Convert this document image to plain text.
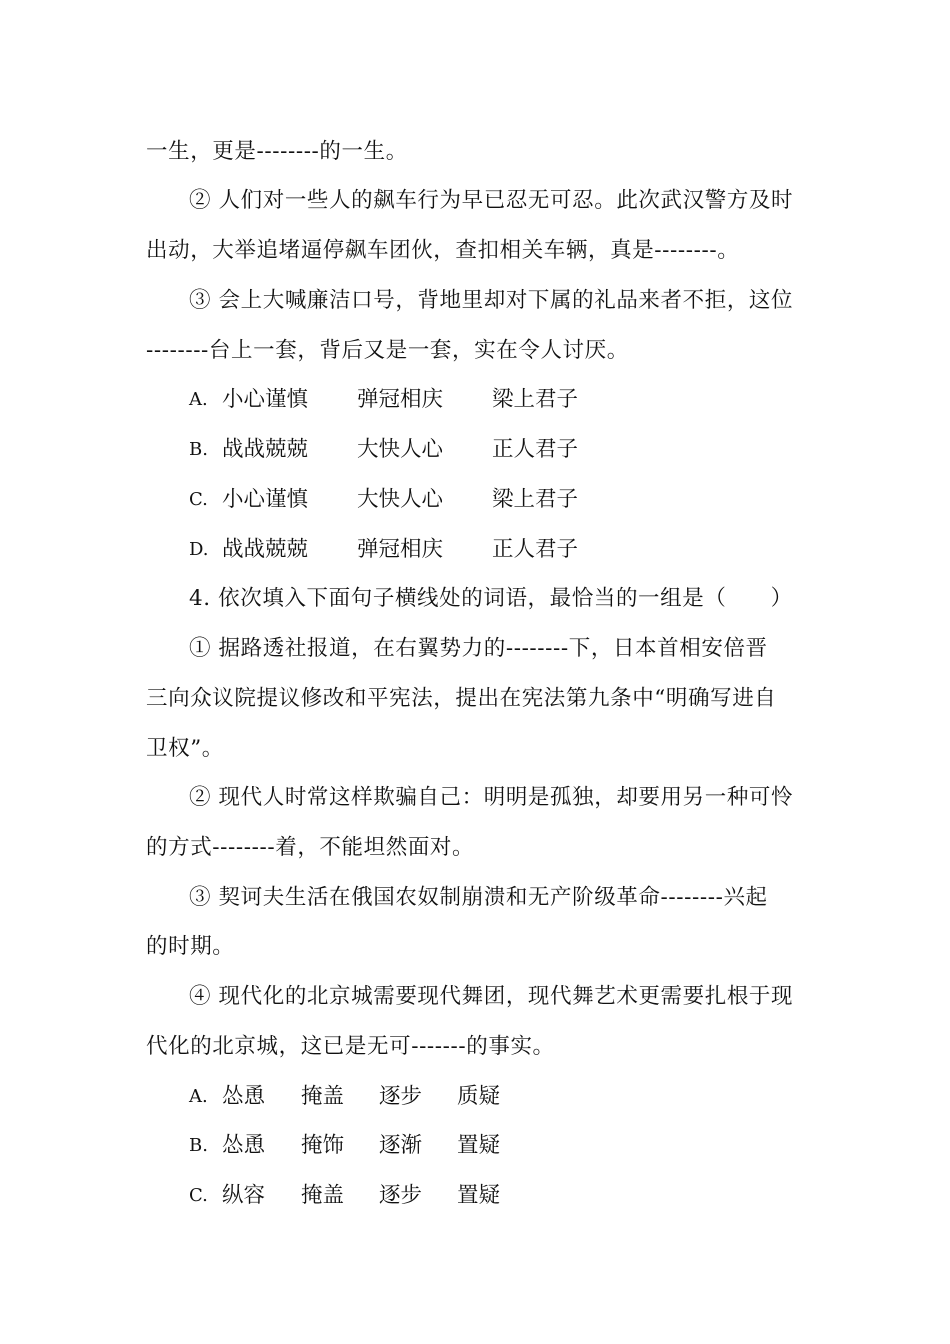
一生，更是--------的一生。
② 人们对一些人的飙车行为早已忍无可忍。此次武汉警方及时
出动，大举追堵逼停飙车团伙，查扣相关车辆，真是--------。
③ 会上大喊廉洁口号，背地里却对下属的礼品来者不拒，这位
--------台上一套，背后又是一套，实在令人讨厌。
A. 小心谨慎 弹冠相庆 梁上君子
B. 战战兢兢 大快人心 正人君子
C. 小心谨慎 大快人心 梁上君子
D. 战战兢兢 弹冠相庆 正人君子
4. 依次填入下面句子横线处的词语，最恰当的一组是（　　）
① 据路透社报道，在右翼势力的--------下，日本首相安倍晋
三向众议院提议修改和平宪法，提出在宪法第九条中“明确写进自
卫权”。
② 现代人时常这样欺骗自己：明明是孤独，却要用另一种可怜
的方式--------着，不能坦然面对。
③ 契诃夫生活在俄国农奴制崩溃和无产阶级革命--------兴起
的时期。
④ 现代化的北京城需要现代舞团，现代舞艺术更需要扎根于现
代化的北京城，这已是无可-------的事实。
A. 怂恿 掩盖 逐步 质疑
B. 怂恿 掩饰 逐渐 置疑
C. 纵容 掩盖 逐步 置疑
